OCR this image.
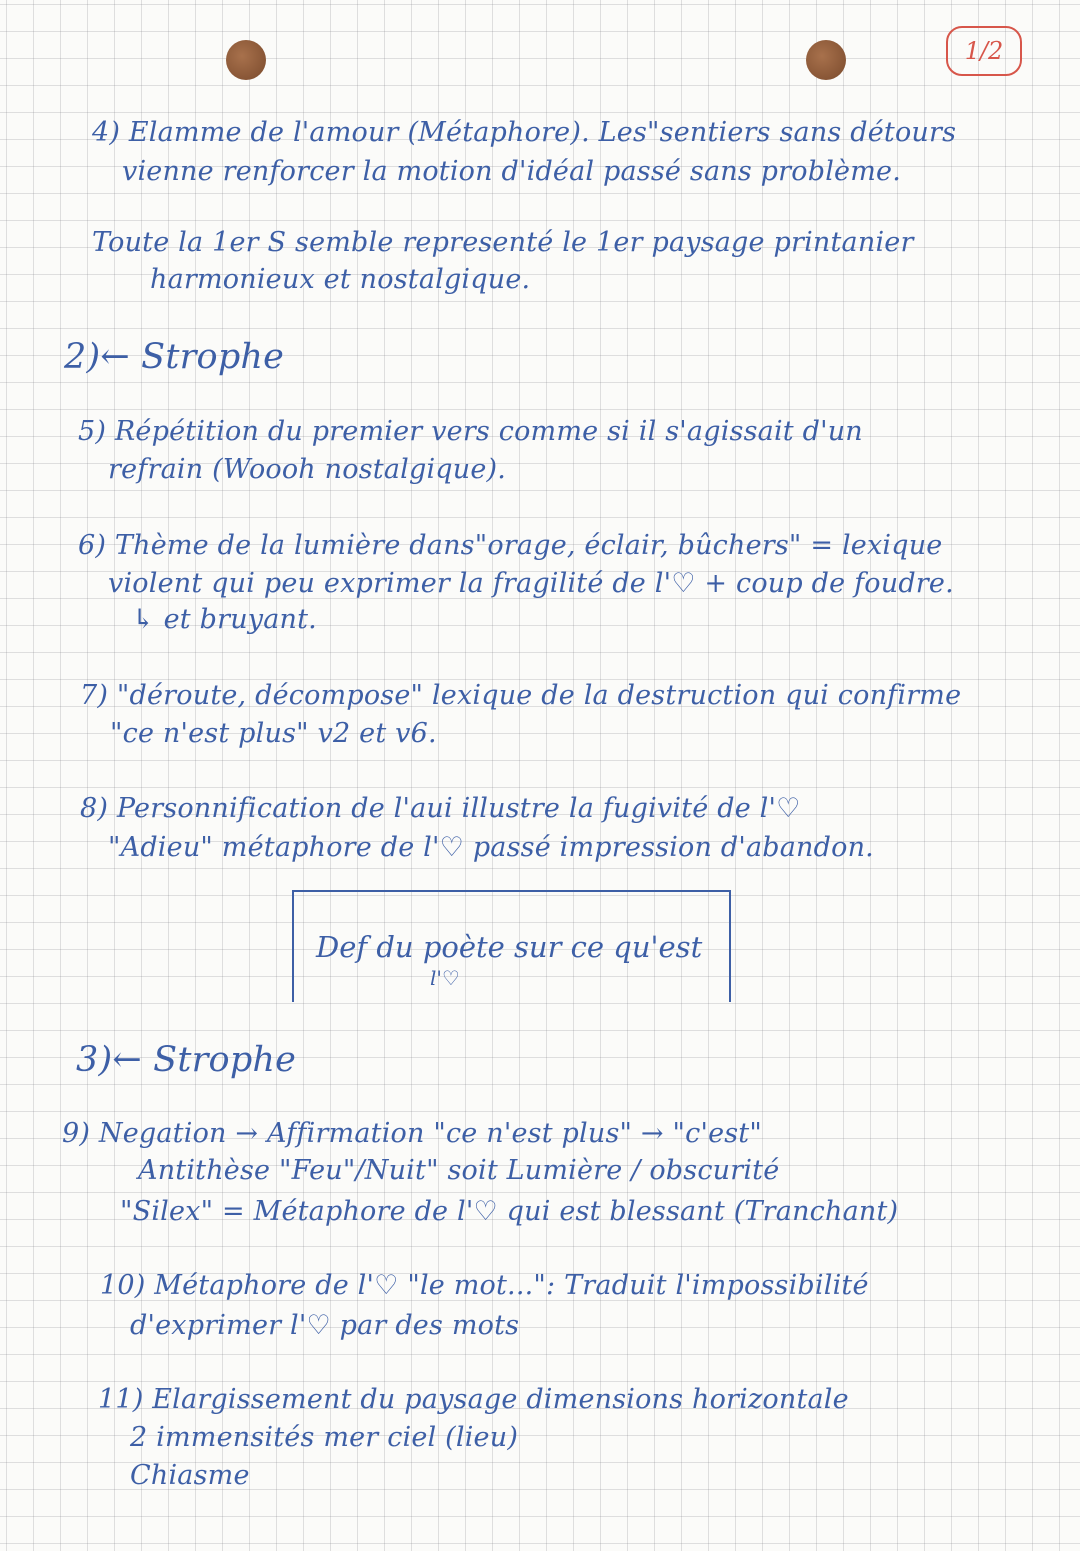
1/2
4) Elamme de l'amour (Métaphore). Les"sentiers sans détours
vienne renforcer la motion d'idéal passé sans problème.
Toute la 1er S semble representé le 1er paysage printanier
harmonieux et nostalgique.
2)← Strophe
5) Répétition du premier vers comme si il s'agissait d'un
refrain (Woooh nostalgique).
6) Thème de la lumière dans"orage, éclair, bûchers" = lexique
violent qui peu exprimer la fragilité de l'♡ + coup de foudre.
↳ et bruyant.
7) "déroute, décompose" lexique de la destruction qui confirme
"ce n'est plus" v2 et v6.
8) Personnification de l'aui illustre la fugivité de l'♡
"Adieu" métaphore de l'♡ passé impression d'abandon.
3)← Strophe
9) Negation → Affirmation "ce n'est plus" → "c'est"
Antithèse "Feu"/Nuit" soit Lumière / obscurité
"Silex" = Métaphore de l'♡ qui est blessant (Tranchant)
10) Métaphore de l'♡ "le mot...": Traduit l'impossibilité
d'exprimer l'♡ par des mots
11) Elargissement du paysage dimensions horizontale
2 immensités mer ciel (lieu)
Chiasme
Def du poète sur ce qu'est
l'♡
